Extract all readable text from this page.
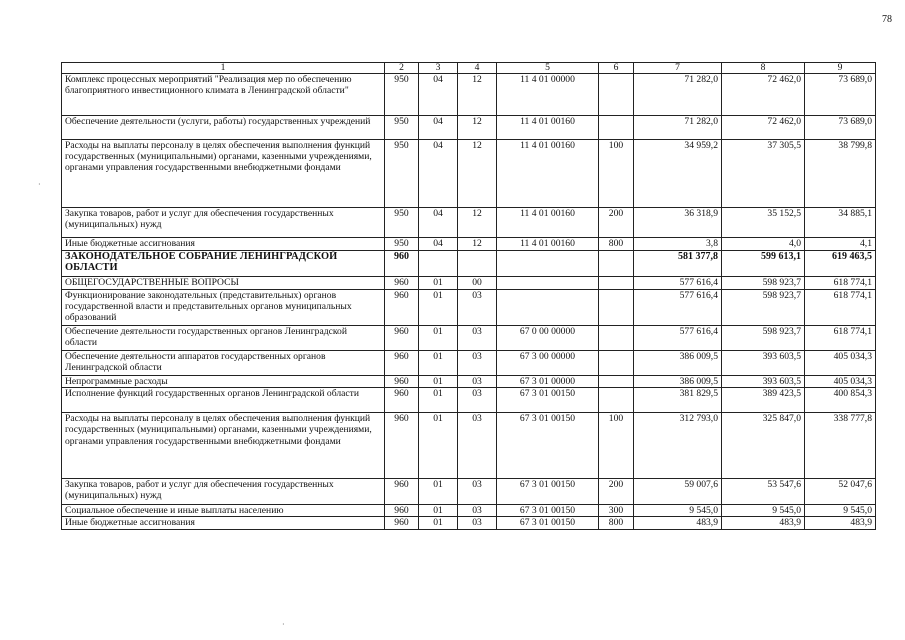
78
1	2	3	4	5	6	7	8	9
Комплекс процессных мероприятий "Реализация мер по обеспечению благоприятного инвестиционного климата в Ленинградской области"	950	04	12	11 4 01 00000		71 282,0	72 462,0	73 689,0
Обеспечение деятельности (услуги, работы) государственных учреждений	950	04	12	11 4 01 00160		71 282,0	72 462,0	73 689,0
Расходы на выплаты персоналу в целях обеспечения выполнения функций государственных (муниципальными) органами, казенными учреждениями, органами управления государственными внебюджетными фондами	950	04	12	11 4 01 00160	100	34 959,2	37 305,5	38 799,8
Закупка товаров, работ и услуг для обеспечения государственных (муниципальных) нужд	950	04	12	11 4 01 00160	200	36 318,9	35 152,5	34 885,1
Иные бюджетные ассигнования	950	04	12	11 4 01 00160	800	3,8	4,0	4,1
ЗАКОНОДАТЕЛЬНОЕ СОБРАНИЕ ЛЕНИНГРАДСКОЙ ОБЛАСТИ	960					581 377,8	599 613,1	619 463,5
ОБЩЕГОСУДАРСТВЕННЫЕ ВОПРОСЫ	960	01	00			577 616,4	598 923,7	618 774,1
Функционирование законодательных (представительных) органов государственной власти и представительных органов муниципальных образований	960	01	03			577 616,4	598 923,7	618 774,1
Обеспечение деятельности государственных органов Ленинградской области	960	01	03	67 0 00 00000		577 616,4	598 923,7	618 774,1
Обеспечение деятельности аппаратов государственных органов Ленинградской области	960	01	03	67 3 00 00000		386 009,5	393 603,5	405 034,3
Непрограммные расходы	960	01	03	67 3 01 00000		386 009,5	393 603,5	405 034,3
Исполнение функций государственных органов Ленинградской области	960	01	03	67 3 01 00150		381 829,5	389 423,5	400 854,3
Расходы на выплаты персоналу в целях обеспечения выполнения функций государственных (муниципальными) органами, казенными учреждениями, органами управления государственными внебюджетными фондами	960	01	03	67 3 01 00150	100	312 793,0	325 847,0	338 777,8
Закупка товаров, работ и услуг для обеспечения государственных (муниципальных) нужд	960	01	03	67 3 01 00150	200	59 007,6	53 547,6	52 047,6
Социальное обеспечение и иные выплаты населению	960	01	03	67 3 01 00150	300	9 545,0	9 545,0	9 545,0
Иные бюджетные ассигнования	960	01	03	67 3 01 00150	800	483,9	483,9	483,9
·
·
